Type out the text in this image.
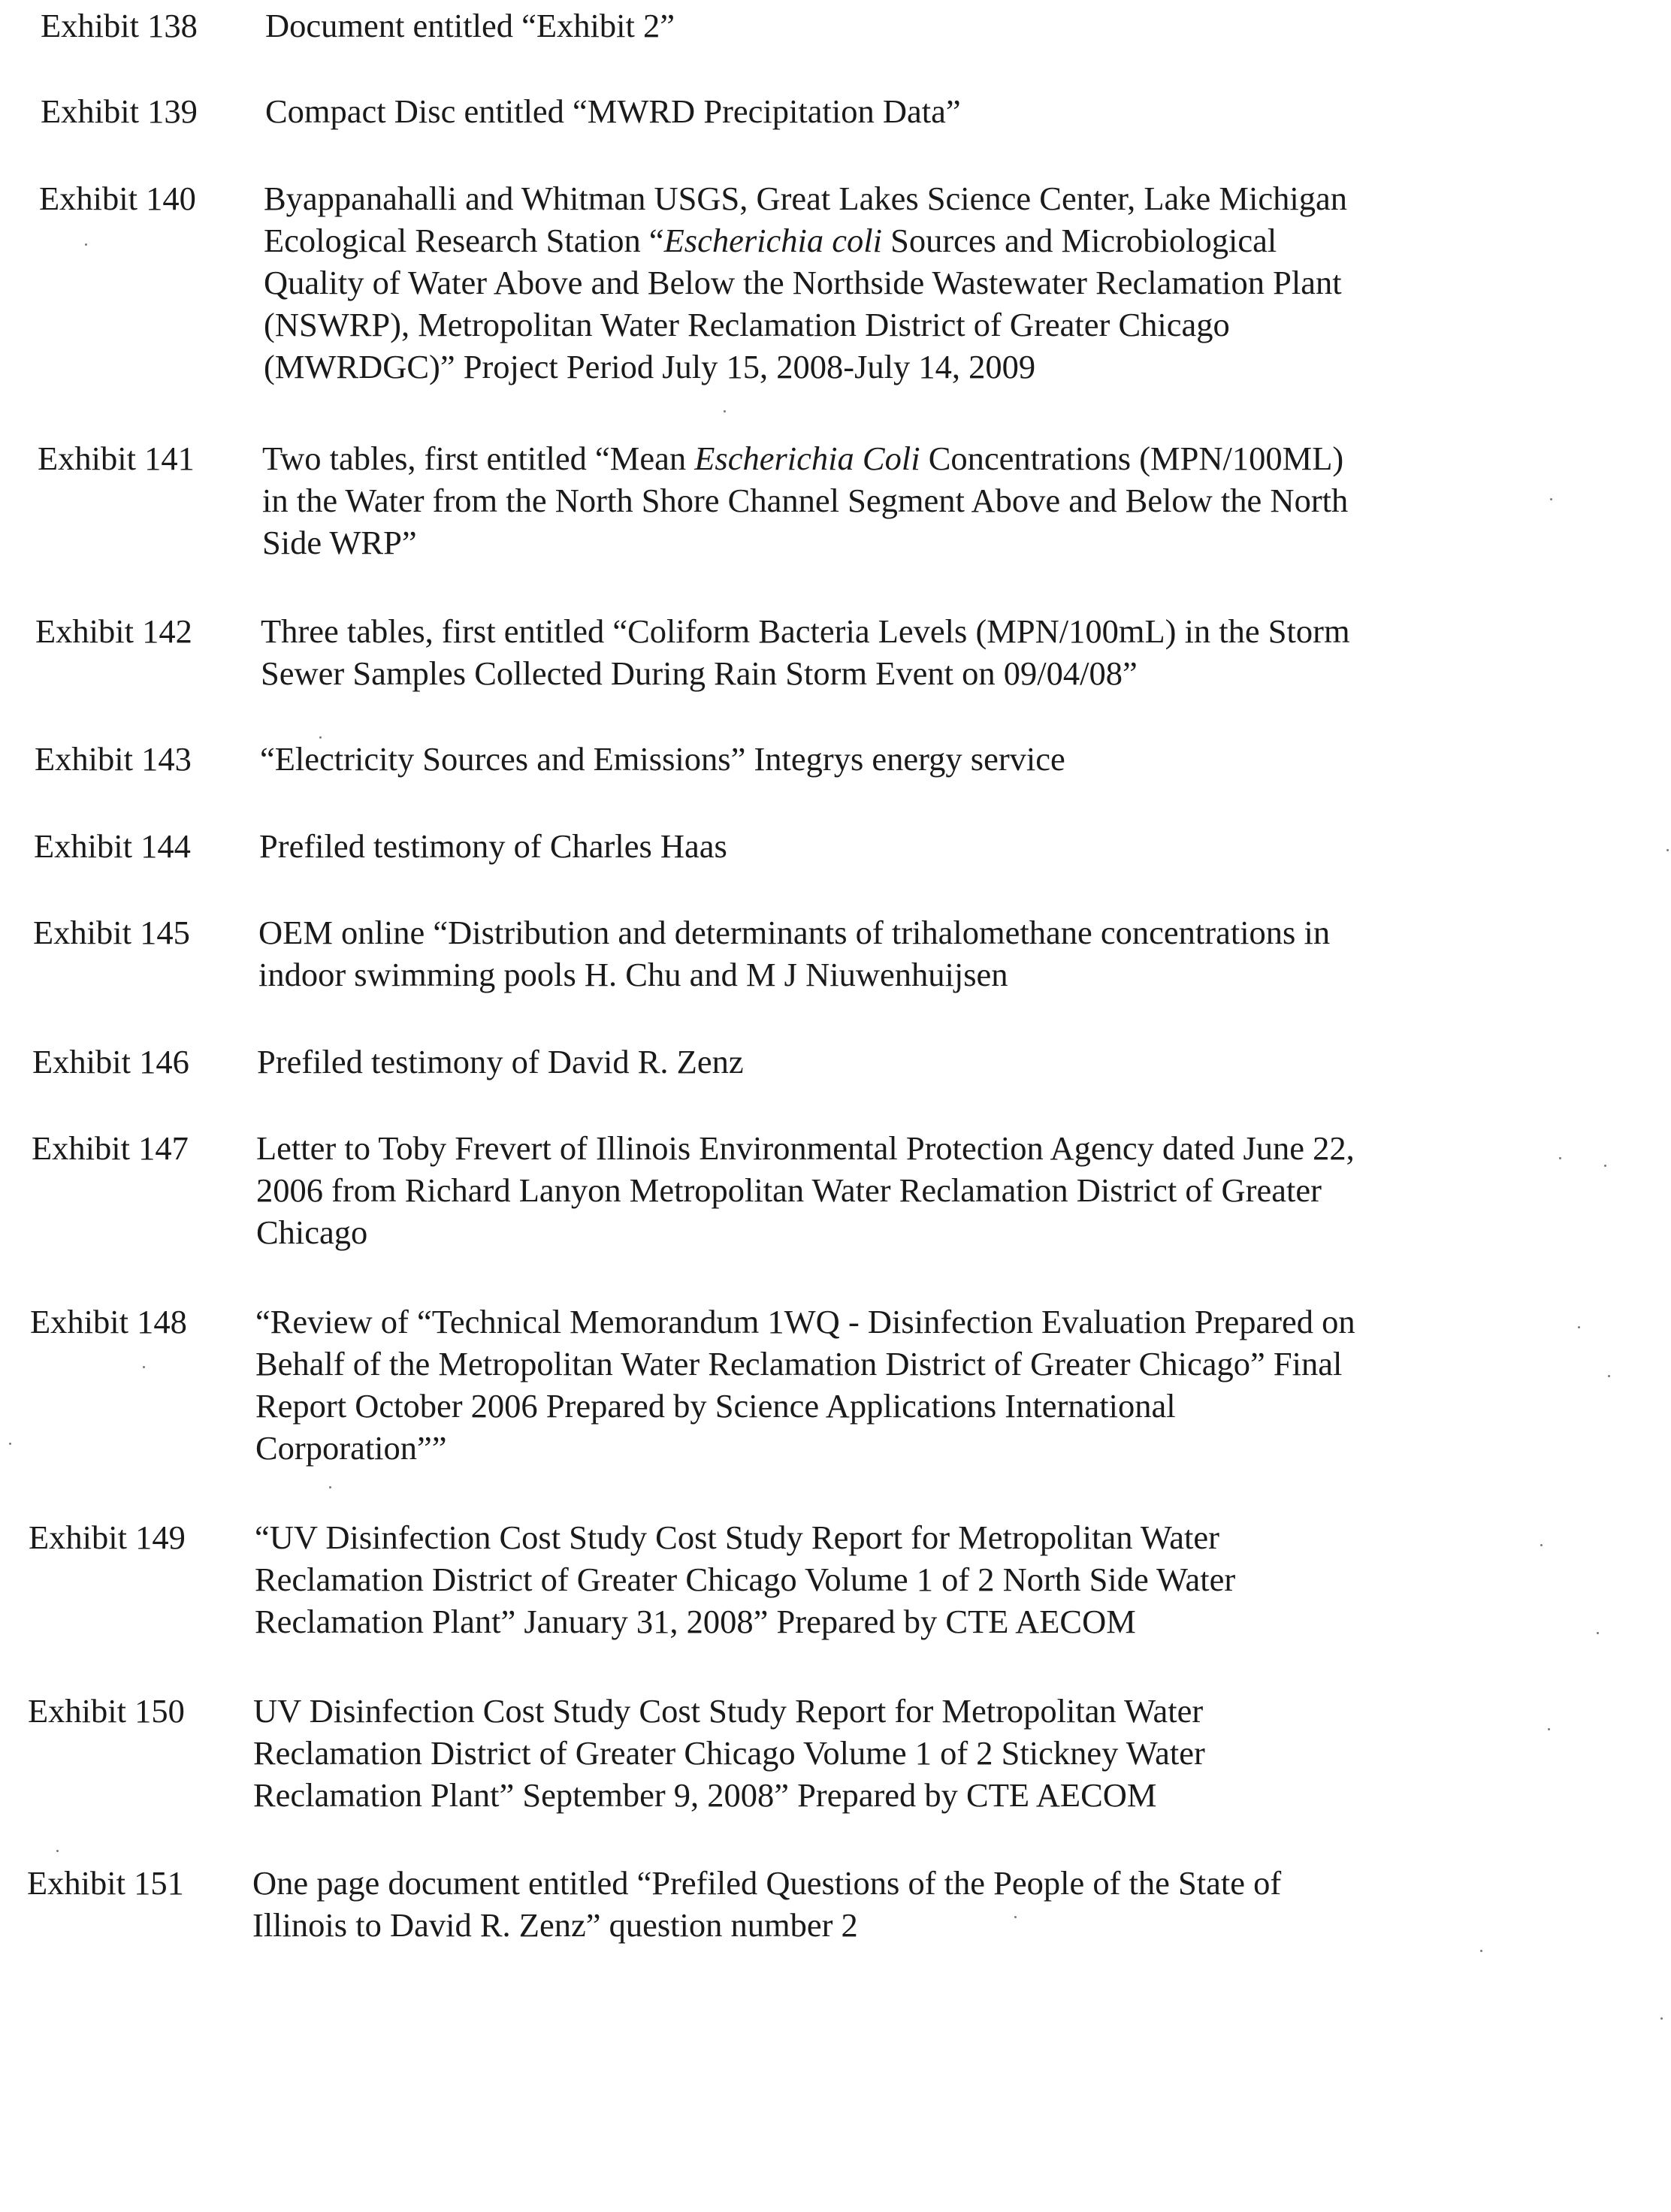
Exhibit 138 Document entitled “Exhibit 2”
Exhibit 139 Compact Disc entitled “MWRD Precipitation Data”
Exhibit 140 Byappanahalli and Whitman USGS, Great Lakes Science Center, Lake Michigan
Ecological Research Station “Escherichia coli Sources and Microbiological
Quality of Water Above and Below the Northside Wastewater Reclamation Plant
(NSWRP), Metropolitan Water Reclamation District of Greater Chicago
(MWRDGC)” Project Period July 15, 2008-July 14, 2009
Exhibit 141 Two tables, first entitled “Mean Escherichia Coli Concentrations (MPN/100ML)
in the Water from the North Shore Channel Segment Above and Below the North
Side WRP”
Exhibit 142 Three tables, first entitled “Coliform Bacteria Levels (MPN/100mL) in the Storm
Sewer Samples Collected During Rain Storm Event on 09/04/08”
Exhibit 143 “Electricity Sources and Emissions” Integrys energy service
Exhibit 144 Prefiled testimony of Charles Haas
Exhibit 145 OEM online “Distribution and determinants of trihalomethane concentrations in
indoor swimming pools H. Chu and M J Niuwenhuijsen
Exhibit 146 Prefiled testimony of David R. Zenz
Exhibit 147 Letter to Toby Frevert of Illinois Environmental Protection Agency dated June 22,
2006 from Richard Lanyon Metropolitan Water Reclamation District of Greater
Chicago
Exhibit 148 “Review of “Technical Memorandum 1WQ - Disinfection Evaluation Prepared on
Behalf of the Metropolitan Water Reclamation District of Greater Chicago” Final
Report October 2006 Prepared by Science Applications International
Corporation””
Exhibit 149 “UV Disinfection Cost Study Cost Study Report for Metropolitan Water
Reclamation District of Greater Chicago Volume 1 of 2 North Side Water
Reclamation Plant” January 31, 2008” Prepared by CTE AECOM
Exhibit 150 UV Disinfection Cost Study Cost Study Report for Metropolitan Water
Reclamation District of Greater Chicago Volume 1 of 2 Stickney Water
Reclamation Plant” September 9, 2008” Prepared by CTE AECOM
Exhibit 151 One page document entitled “Prefiled Questions of the People of the State of
Illinois to David R. Zenz” question number 2
